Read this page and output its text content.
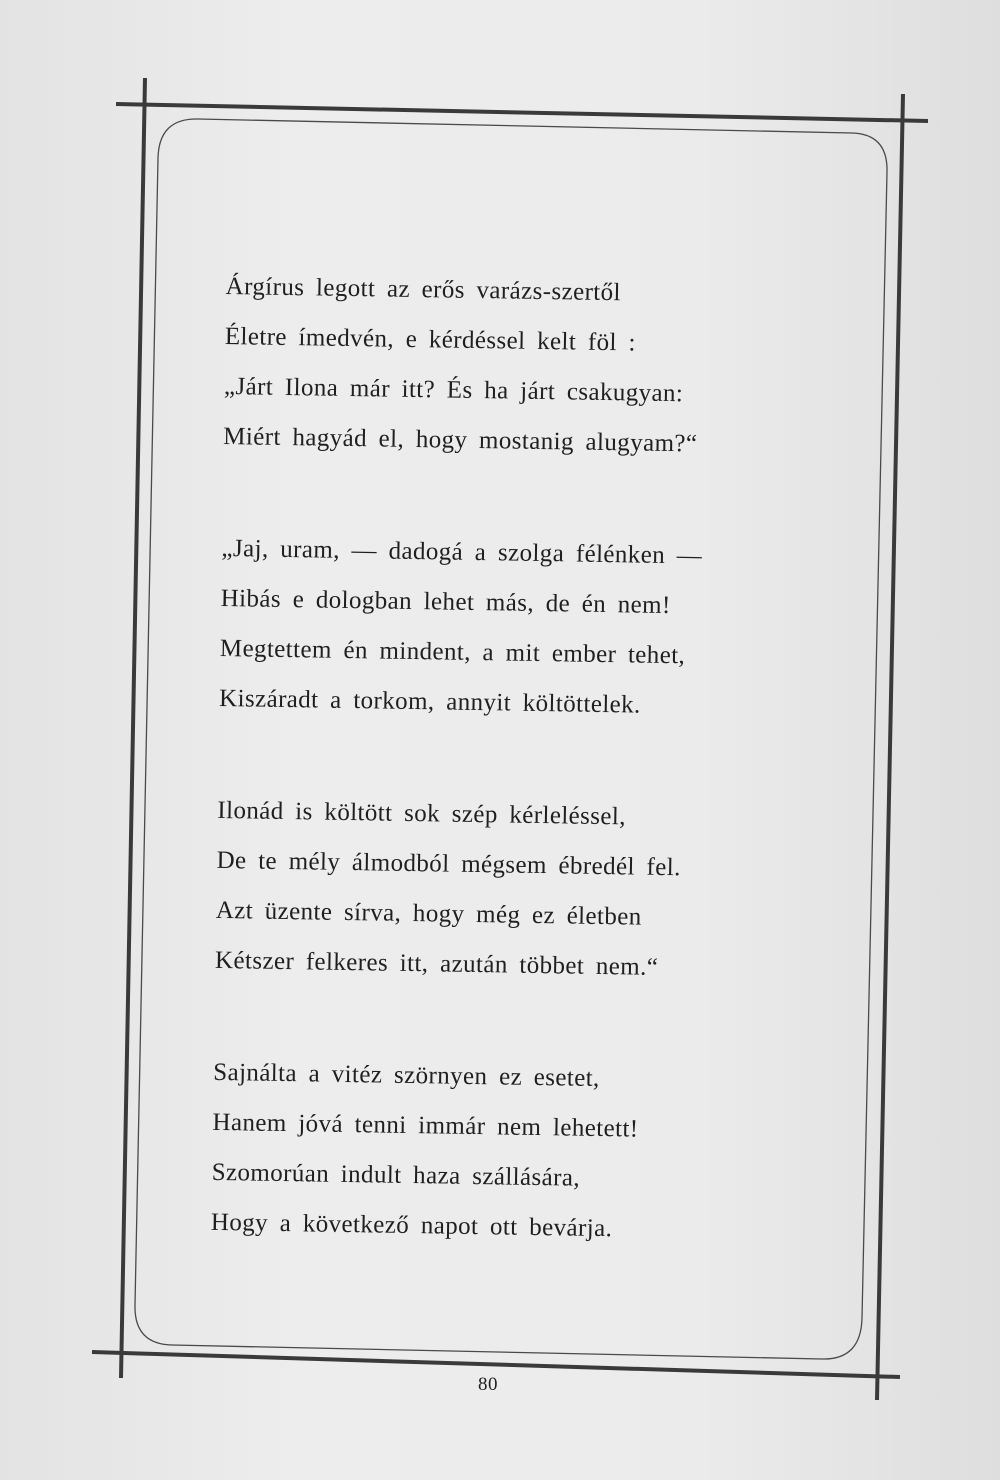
Árgírus legott az erős varázs-szertől
Életre ímedvén, e kérdéssel kelt föl :
„Járt Ilona már itt? És ha járt csakugyan:
Miért hagyád el, hogy mostanig alugyam?“
„Jaj, uram, — dadogá a szolga félénken —
Hibás e dologban lehet más, de én nem!
Megtettem én mindent, a mit ember tehet,
Kiszáradt a torkom, annyit költöttelek.
Ilonád is költött sok szép kérleléssel,
De te mély álmodból mégsem ébredél fel.
Azt üzente sírva, hogy még ez életben
Kétszer felkeres itt, azután többet nem.“
Sajnálta a vitéz szörnyen ez esetet,
Hanem jóvá tenni immár nem lehetett!
Szomorúan indult haza szállására,
Hogy a következő napot ott bevárja.
80
